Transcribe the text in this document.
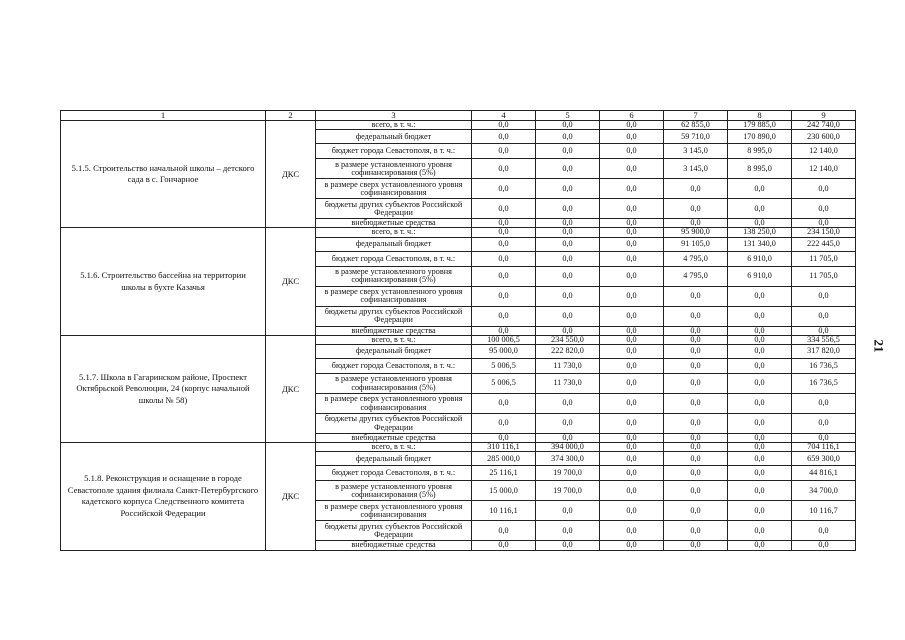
1	2	3	4	5	6	7	8	9
5.1.5. Строительство начальной школы – детского сада в с. Гончарное	ДКС	всего, в т. ч.:	0,0	0,0	0,0	62 855,0	179 885,0	242 740,0
		федеральный бюджет	0,0	0,0	0,0	59 710,0	170 890,0	230 600,0
		бюджет города Севастополя, в т. ч.:	0,0	0,0	0,0	3 145,0	8 995,0	12 140,0
		в размере установленного уровня софинансирования (5%)	0,0	0,0	0,0	3 145,0	8 995,0	12 140,0
		в размере сверх установленного уровня софинансирования	0,0	0,0	0,0	0,0	0,0	0,0
		бюджеты других субъектов Российской Федерации	0,0	0,0	0,0	0,0	0,0	0,0
		внебюджетные средства	0,0	0,0	0,0	0,0	0,0	0,0
5.1.6. Строительство бассейна на территории школы в бухте Казачья	ДКС	всего, в т. ч.:	0,0	0,0	0,0	95 900,0	138 250,0	234 150,0
		федеральный бюджет	0,0	0,0	0,0	91 105,0	131 340,0	222 445,0
		бюджет города Севастополя, в т. ч.:	0,0	0,0	0,0	4 795,0	6 910,0	11 705,0
		в размере установленного уровня софинансирования (5%)	0,0	0,0	0,0	4 795,0	6 910,0	11 705,0
		в размере сверх установленного уровня софинансирования	0,0	0,0	0,0	0,0	0,0	0,0
		бюджеты других субъектов Российской Федерации	0,0	0,0	0,0	0,0	0,0	0,0
		внебюджетные средства	0,0	0,0	0,0	0,0	0,0	0,0
5.1.7. Школа в Гагаринском районе, Проспект Октябрьской Революции, 24 (корпус начальной школы № 58)	ДКС	всего, в т. ч.:	100 006,5	234 550,0	0,0	0,0	0,0	334 556,5
		федеральный бюджет	95 000,0	222 820,0	0,0	0,0	0,0	317 820,0
		бюджет города Севастополя, в т. ч.:	5 006,5	11 730,0	0,0	0,0	0,0	16 736,5
		в размере установленного уровня софинансирования (5%)	5 006,5	11 730,0	0,0	0,0	0,0	16 736,5
		в размере сверх установленного уровня софинансирования	0,0	0,0	0,0	0,0	0,0	0,0
		бюджеты других субъектов Российской Федерации	0,0	0,0	0,0	0,0	0,0	0,0
		внебюджетные средства	0,0	0,0	0,0	0,0	0,0	0,0
5.1.8. Реконструкция и оснащение в городе Севастополе здания филиала Санкт-Петербургского кадетского корпуса Следственного комитета Российской Федерации	ДКС	всего, в т. ч.:	310 116,1	394 000,0	0,0	0,0	0,0	704 116,1
		федеральный бюджет	285 000,0	374 300,0	0,0	0,0	0,0	659 300,0
		бюджет города Севастополя, в т. ч.:	25 116,1	19 700,0	0,0	0,0	0,0	44 816,1
		в размере установленного уровня софинансирования (5%)	15 000,0	19 700,0	0,0	0,0	0,0	34 700,0
		в размере сверх установленного уровня софинансирования	10 116,1	0,0	0,0	0,0	0,0	10 116,7
		бюджеты других субъектов Российской Федерации	0,0	0,0	0,0	0,0	0,0	0,0
		внебюджетные средства	0,0	0,0	0,0	0,0	0,0	0,0
21
